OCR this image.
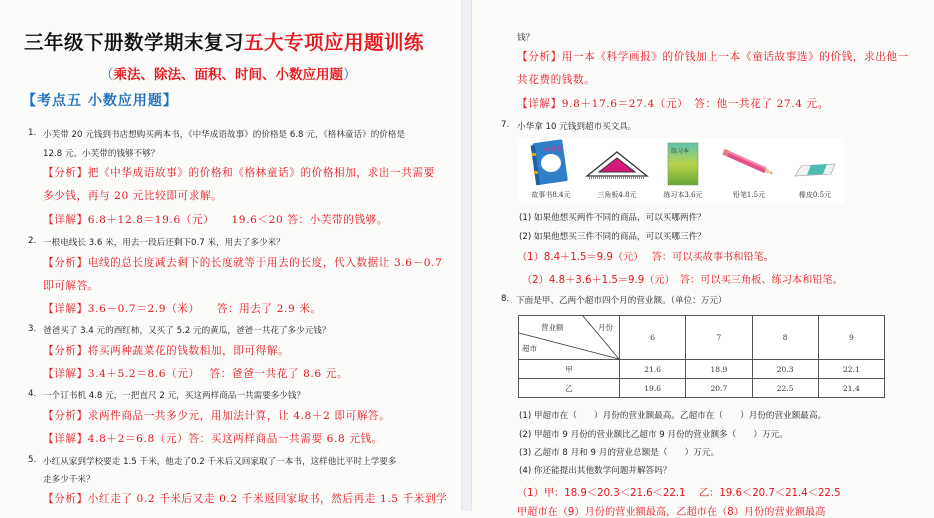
三年级下册数学期末复习五大专项应用题训练
（乘法、除法、面积、时间、小数应用题）
【考点五 小数应用题】
1. 小芙带 20 元钱到书店想购买两本书，《中华成语故事》的价格是 6.8 元，《格林童话》的价格是
12.8 元。小芙带的钱够不够？
【分析】把《中华成语故事》的价格和《格林童话》的价格相加，求出一共需要
多少钱，再与 20 元比较即可求解。
【详解】6.8＋12.8＝19.6（元）　　19.6＜20 答：小芙带的钱够。
2. 一根电线长 3.6 米，用去一段后还剩下0.7 米，用去了多少米？
【分析】电线的总长度减去剩下的长度就等于用去的长度，代入数据让 3.6－0.7
即可解答。
【详解】3.6－0.7＝2.9（米）　　答：用去了 2.9 米。
3. 爸爸买了 3.4 元的西红柿，又买了 5.2 元的黄瓜，爸爸一共花了多少元钱？
【分析】将买两种蔬菜花的钱数相加，即可得解。
【详解】3.4＋5.2＝8.6（元）　 答：爸爸一共花了 8.6 元。
4. 一个订书机 4.8 元，一把直尺 2 元，买这两样商品一共需要多少钱？
【分析】求两件商品一共多少元，用加法计算，让 4.8＋2 即可解答。
【详解】4.8＋2＝6.8（元）答：买这两样商品一共需要 6.8 元钱。
5. 小红从家到学校要走 1.5 千米，他走了0.2 千米后又回家取了一本书，这样他比平时上学要多
走多少千米？
【分析】小红走了 0.2 千米后又走 0.2 千米返回家取书，然后再走 1.5 千米到学
钱？
【分析】用一本《科学画报》的价钱加上一本《童话故事选》的价钱，求出他一
共花费的钱数。
【详解】9.8＋17.6＝27.4（元）　答：他一共花了 27.4 元。
7. 小华拿 10 元钱到超市买文具。
故事书
故事书8.4元	三角板4.8元
练习本
练习本3.6元	铅笔1.5元	橡皮0.5元
(1) 如果他想买两件不同的商品，可以买哪两件？
(2) 如果他想买三件不同的商品，可以买哪三件？
（1）8.4＋1.5＝9.9（元）　 答：可以买故事书和铅笔。
（2）4.8＋3.6＋1.5＝9.9（元）　答：可以买三角板、练习本和铅笔。
8. 下面是甲、乙两个超市四个月的营业额。（单位：万元）
营业额 月份
超市	6	7	8	9
甲	21.6	18.9	20.3	22.1
乙	19.6	20.7	22.5	21.4
(1) 甲超市在（　　）月份的营业额最高。乙超市在（　　）月份的营业额最高。
(2) 甲超市 9 月份的营业额比乙超市 9 月份的营业额多（　　）万元。
(3) 乙超市 8 月和 9 月的营业总额是（　　）万元。
(4) 你还能提出其他数学问题并解答吗？
（1）甲：18.9＜20.3＜21.6＜22.1　 乙：19.6＜20.7＜21.4＜22.5
甲超市在（9）月份的营业额最高，乙超市在（8）月份的营业额最高
